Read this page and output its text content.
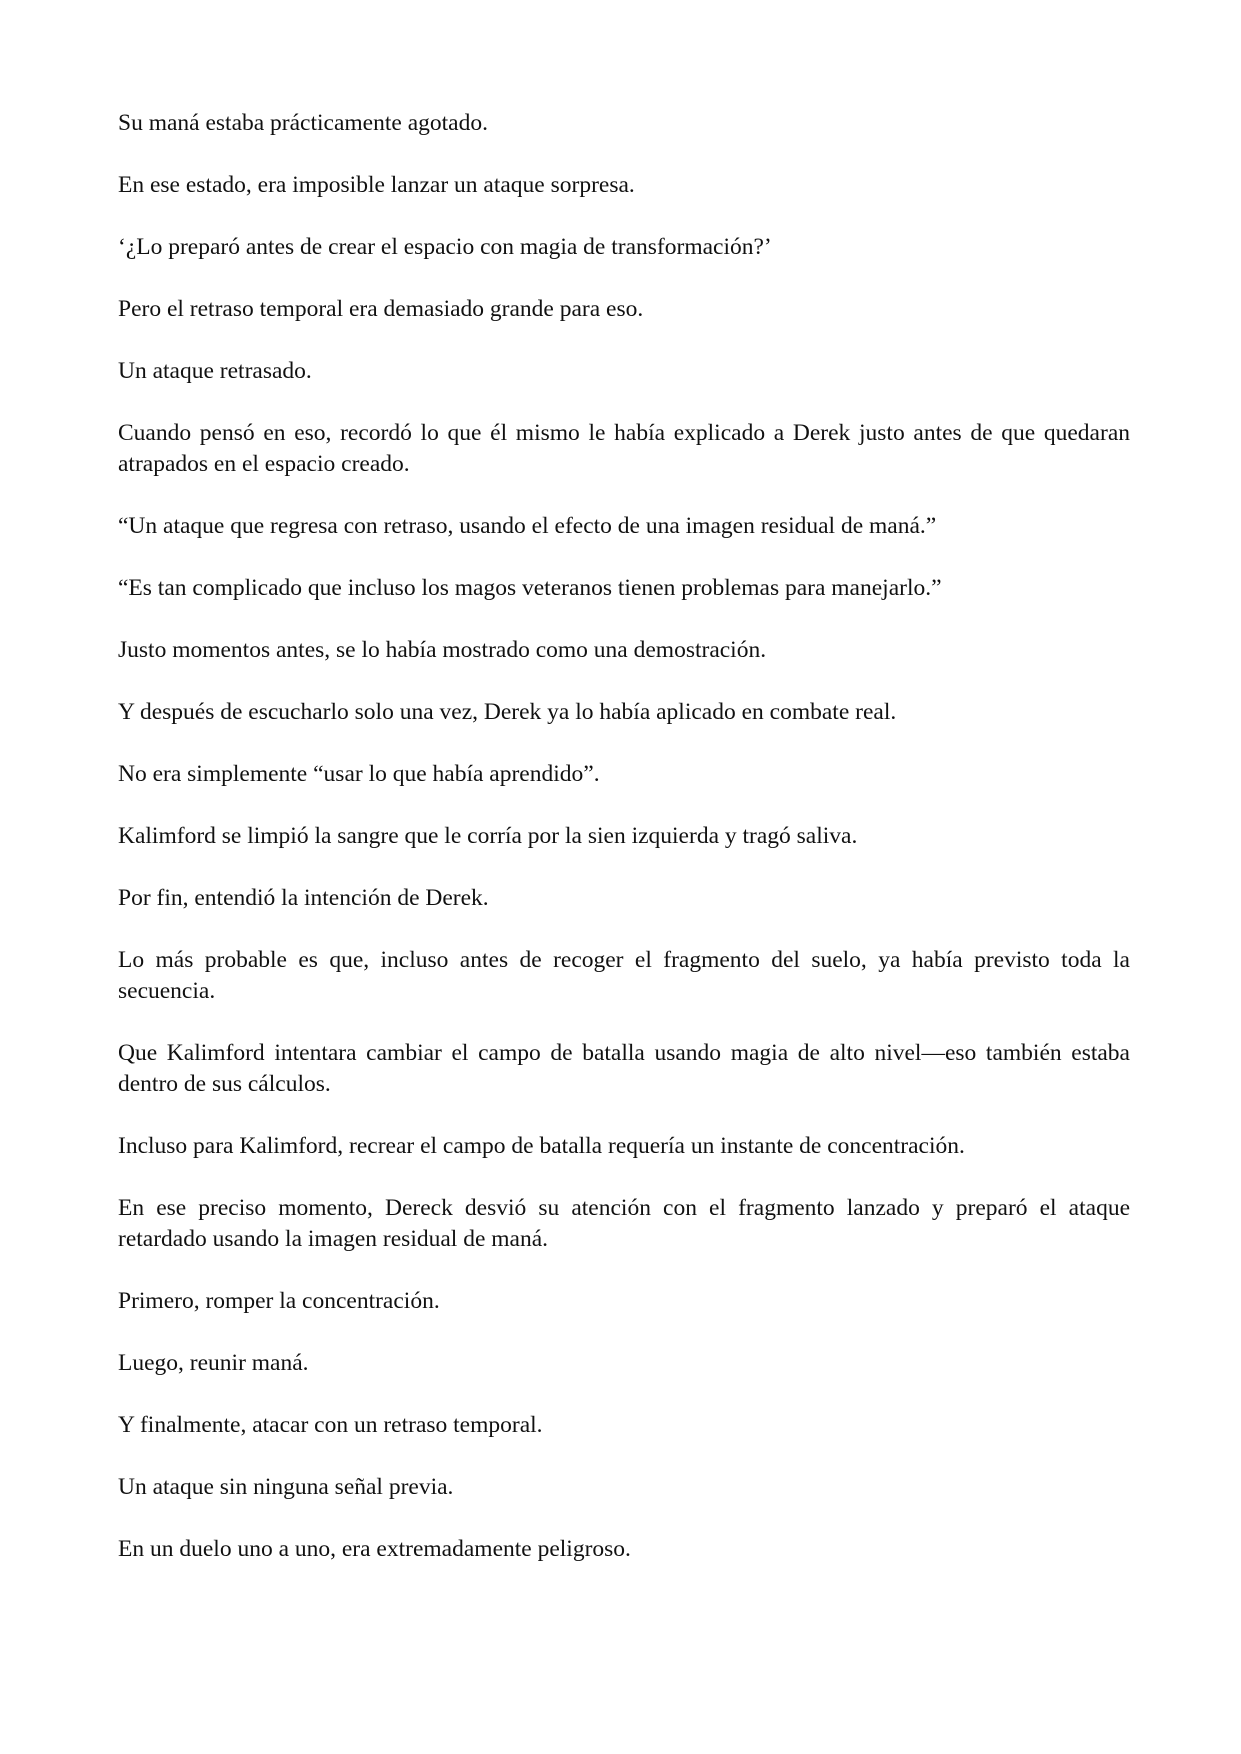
Su maná estaba prácticamente agotado.

En ese estado, era imposible lanzar un ataque sorpresa.

‘¿Lo preparó antes de crear el espacio con magia de transformación?’

Pero el retraso temporal era demasiado grande para eso.

Un ataque retrasado.

Cuando pensó en eso, recordó lo que él mismo le había explicado a Derek justo antes de que quedaran atrapados en el espacio creado.

“Un ataque que regresa con retraso, usando el efecto de una imagen residual de maná.”

“Es tan complicado que incluso los magos veteranos tienen problemas para manejarlo.”

Justo momentos antes, se lo había mostrado como una demostración.

Y después de escucharlo solo una vez, Derek ya lo había aplicado en combate real.

No era simplemente “usar lo que había aprendido”.

Kalimford se limpió la sangre que le corría por la sien izquierda y tragó saliva.

Por fin, entendió la intención de Derek.

Lo más probable es que, incluso antes de recoger el fragmento del suelo, ya había previsto toda la secuencia.

Que Kalimford intentara cambiar el campo de batalla usando magia de alto nivel—eso también estaba dentro de sus cálculos.

Incluso para Kalimford, recrear el campo de batalla requería un instante de concentración.

En ese preciso momento, Dereck desvió su atención con el fragmento lanzado y preparó el ataque retardado usando la imagen residual de maná.

Primero, romper la concentración.

Luego, reunir maná.

Y finalmente, atacar con un retraso temporal.

Un ataque sin ninguna señal previa.

En un duelo uno a uno, era extremadamente peligroso.
